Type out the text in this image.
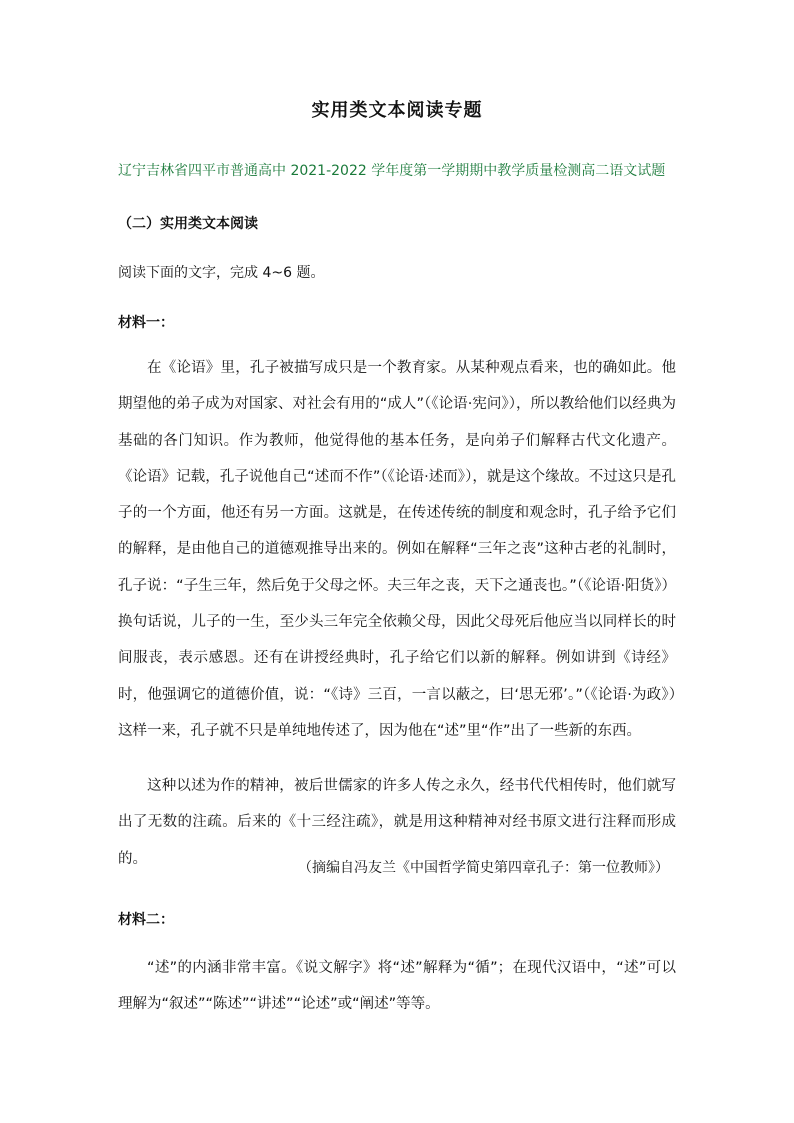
实用类文本阅读专题
辽宁吉林省四平市普通高中 2021-2022 学年度第一学期期中教学质量检测高二语文试题
（二）实用类文本阅读
阅读下面的文字，完成 4~6 题。
材料一：

在《论语》里，孔子被描写成只是一个教育家。从某种观点看来，也的确如此。他期望他的弟子成为对国家、对社会有用的“成人”（《论语·宪问》），所以教给他们以经典为基础的各门知识。作为教师，他觉得他的基本任务，是向弟子们解释古代文化遗产。《论语》记载，孔子说他自己“述而不作”（《论语·述而》），就是这个缘故。不过这只是孔子的一个方面，他还有另一方面。这就是，在传述传统的制度和观念时，孔子给予它们的解释，是由他自己的道德观推导出来的。例如在解释“三年之丧”这种古老的礼制时，孔子说：“子生三年，然后免于父母之怀。夫三年之丧，天下之通丧也。”（《论语·阳货》）换句话说，儿子的一生，至少头三年完全依赖父母，因此父母死后他应当以同样长的时间服丧，表示感恩。还有在讲授经典时，孔子给它们以新的解释。例如讲到《诗经》时，他强调它的道德价值，说：“《诗》三百，一言以蔽之，曰‘思无邪’。”（《论语·为政》）这样一来，孔子就不只是单纯地传述了，因为他在“述”里“作”出了一些新的东西。

这种以述为作的精神，被后世儒家的许多人传之永久，经书代代相传时，他们就写出了无数的注疏。后来的《十三经注疏》，就是用这种精神对经书原文进行注释而形成的。

（摘编自冯友兰《中国哲学简史第四章孔子：第一位教师》）
材料二：

“述”的内涵非常丰富。《说文解字》将“述”解释为“循”；在现代汉语中，“述”可以理解为“叙述”“陈述”“讲述”“论述”或“阐述”等等。
